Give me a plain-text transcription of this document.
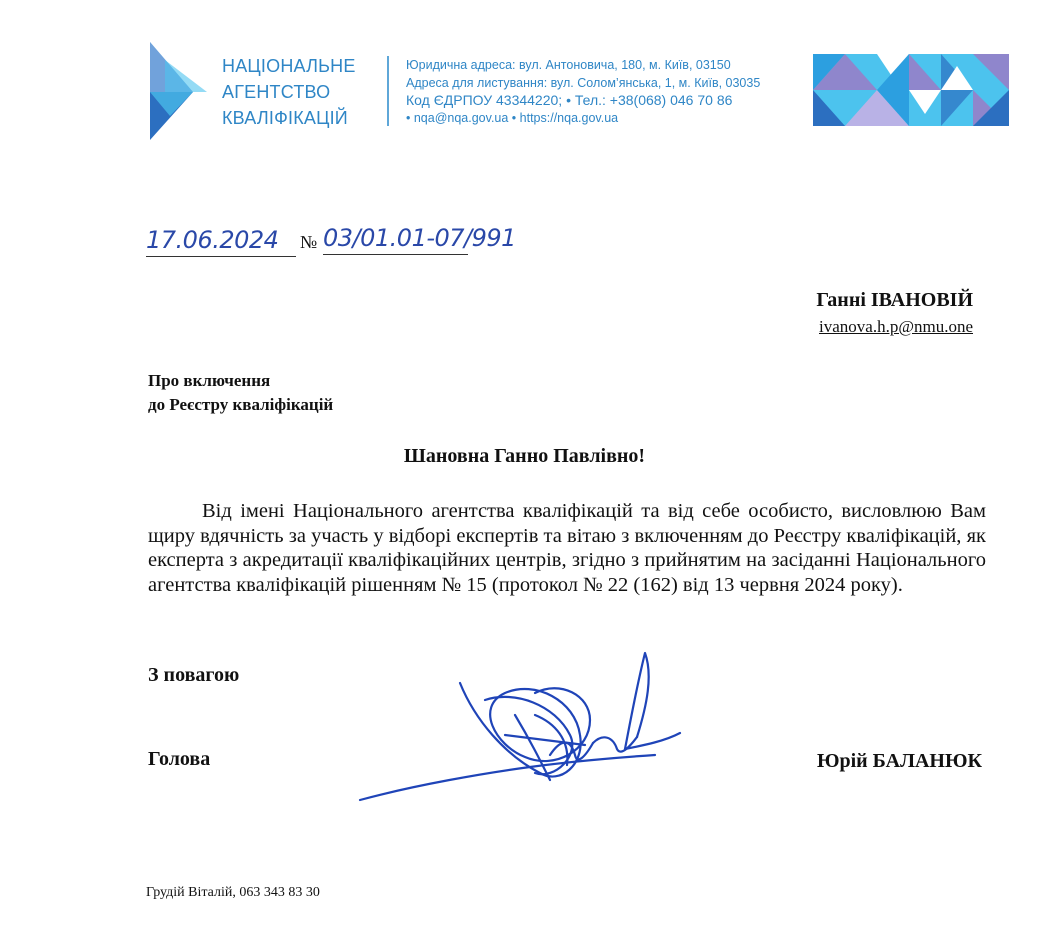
НАЦІОНАЛЬНЕ
АГЕНТСТВО
КВАЛІФІКАЦІЙ
Юридична адреса: вул. Антоновича, 180, м. Київ, 03150
Адреса для листування: вул. Солом’янська, 1, м. Київ, 03035
Код ЄДРПОУ 43344220; • Тел.: +38(068) 046 70 86
• nqa@nqa.gov.ua • https://nqa.gov.ua
17.06.2024	№ 03/01.01-07/991
Ганні ІВАНОВІЙ
ivanova.h.p@nmu.one
Про включення
до Реєстру кваліфікацій
Шановна Ганно Павлівно!
Від імені Національного агентства кваліфікацій та від себе особисто, висловлюю Вам щиру вдячність за участь у відборі експертів та вітаю з включенням до Реєстру кваліфікацій, як експерта з акредитації кваліфікаційних центрів, згідно з прийнятим на засіданні Національного агентства кваліфікацій рішенням № 15 (протокол № 22 (162) від 13 червня 2024 року).
З повагою
Голова	Юрій БАЛАНЮК
Грудій Віталій, 063 343 83 30
